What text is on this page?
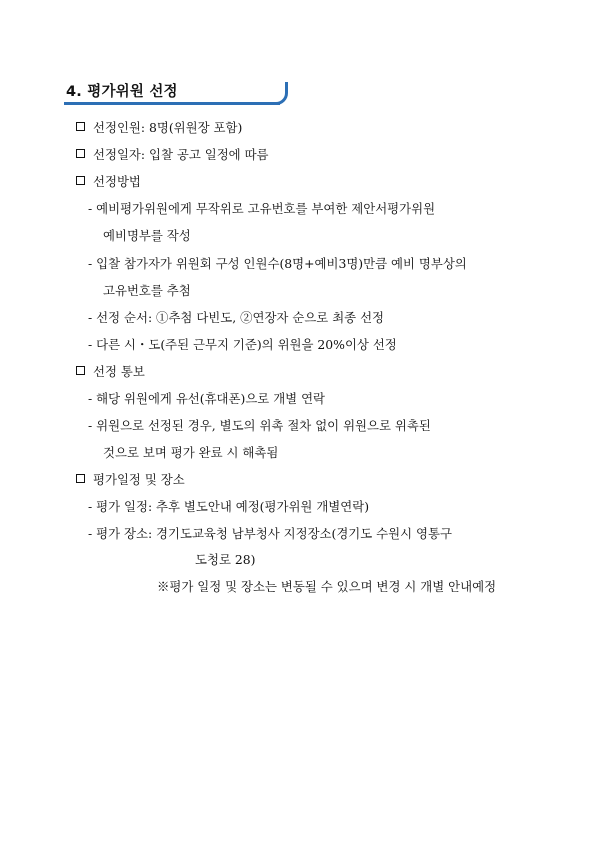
4. 평가위원 선정
선정인원: 8명(위원장 포함)
선정일자: 입찰 공고 일정에 따름
선정방법
- 예비평가위원에게 무작위로 고유번호를 부여한 제안서평가위원
예비명부를 작성
- 입찰 참가자가 위원회 구성 인원수(8명+예비3명)만큼 예비 명부상의
고유번호를 추첨
- 선정 순서: ①추첨 다빈도, ②연장자 순으로 최종 선정
- 다른 시・도(주된 근무지 기준)의 위원을 20%이상 선정
선정 통보
- 해당 위원에게 유선(휴대폰)으로 개별 연락
- 위원으로 선정된 경우, 별도의 위촉 절차 없이 위원으로 위촉된
것으로 보며 평가 완료 시 해촉됨
평가일정 및 장소
- 평가 일정: 추후 별도안내 예정(평가위원 개별연락)
- 평가 장소: 경기도교육청 남부청사 지정장소(경기도 수원시 영통구
도청로 28)
※평가 일정 및 장소는 변동될 수 있으며 변경 시 개별 안내예정
